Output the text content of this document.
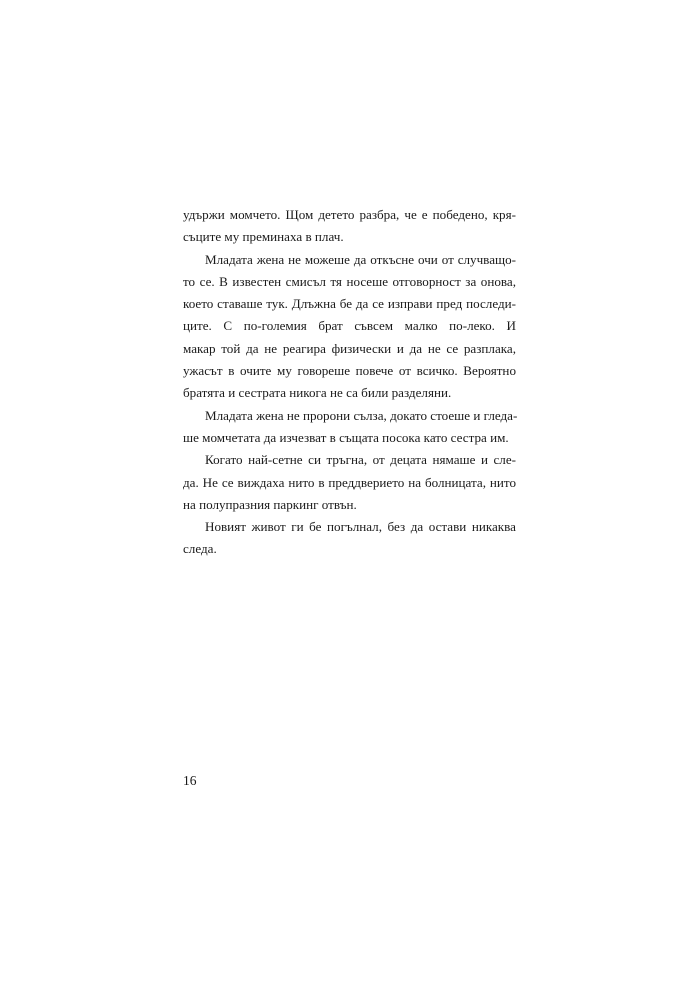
удържи момчето. Щом детето разбра, че е победено, кря-
съците му преминаха в плач.
Младата жена не можеше да откъсне очи от случващо-
то се. В известен смисъл тя носеше отговорност за онова,
което ставаше тук. Длъжна бе да се изправи пред последи-
ците. С по-големия брат съвсем малко по-леко. И
макар той да не реагира физически и да не се разплака,
ужасът в очите му говореше повече от всичко. Вероятно
братята и сестрата никога не са били разделяни.
Младата жена не пророни сълза, докато стоеше и гледа-
ше момчетата да изчезват в същата посока като сестра им.
Когато най-сетне си тръгна, от децата нямаше и сле-
да. Не се виждаха нито в преддверието на болницата, нито
на полупразния паркинг отвън.
Новият живот ги бе погълнал, без да остави никаква
следа.
16
